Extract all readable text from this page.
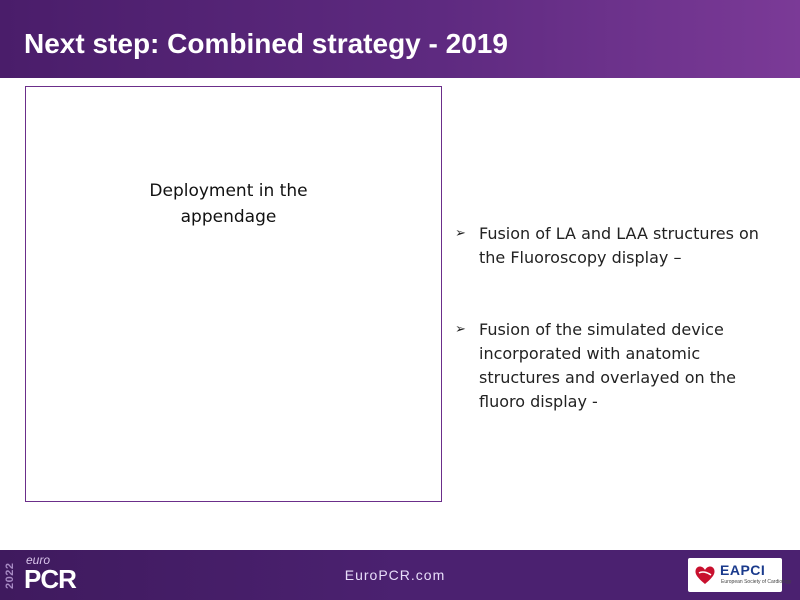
Next step: Combined strategy - 2019
Deployment in the
appendage
➢ Fusion of LA and LAA structures on
the Fluoroscopy display –
➢ Fusion of the simulated device
incorporated with anatomic
structures and overlayed on the
fluoro display -
2022
euro
PCR	EuroPCR.com	EAPCI
European Society of Cardiology
